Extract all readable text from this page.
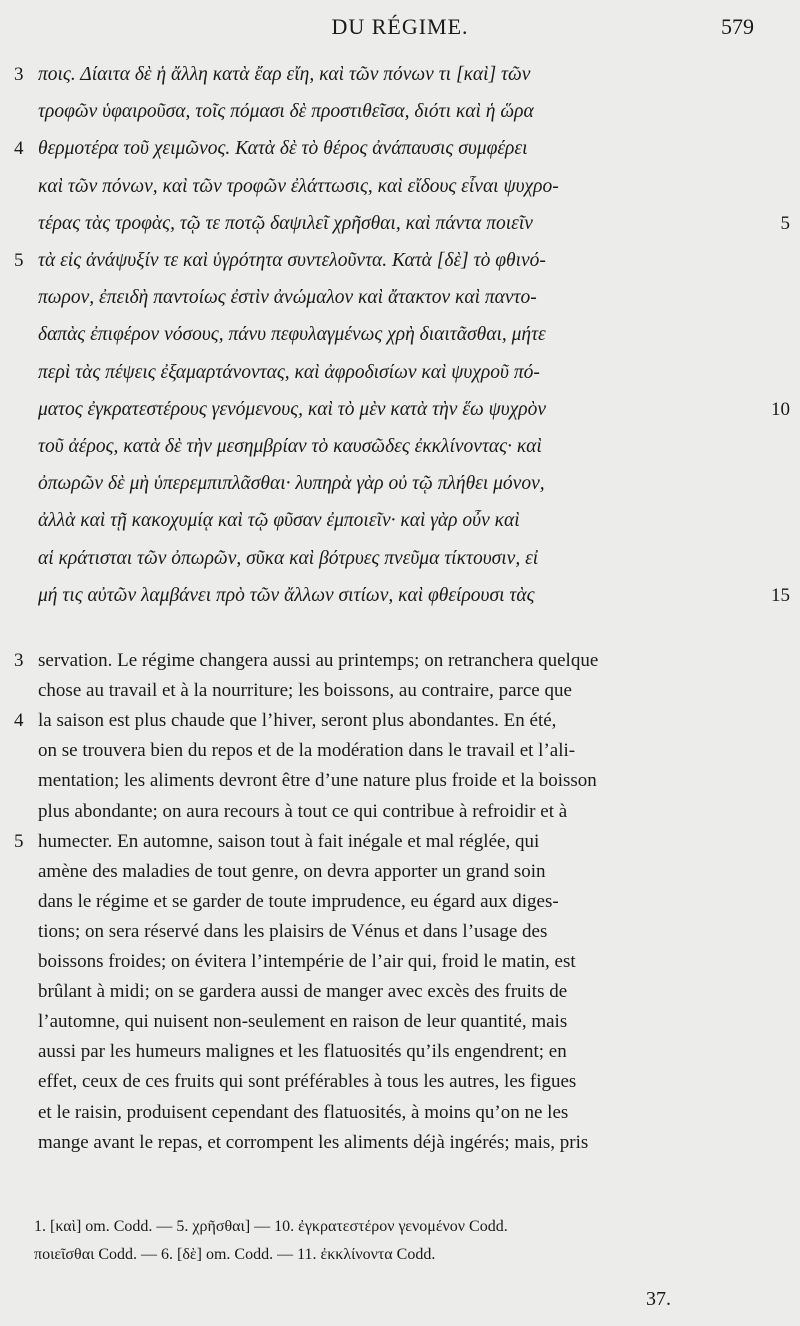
DU RÉGIME.	579
3 ποις. Δίαιτα δὲ ἡ ἄλλη κατὰ ἔαρ εἴη, καὶ τῶν πόνων τι [καὶ] τῶν
τροφῶν ὑφαιροῦσα, τοῖς πόμασι δὲ προστιθεῖσα, διότι καὶ ἡ ὥρα
4 θερμοτέρα τοῦ χειμῶνος. Κατὰ δὲ τὸ θέρος ἀνάπαυσις συμφέρει
καὶ τῶν πόνων, καὶ τῶν τροφῶν ἐλάττωσις, καὶ εἴδους εἶναι ψυχρο-
τέρας τὰς τροφὰς, τῷ τε ποτῷ δαψιλεῖ χρῆσθαι, καὶ πάντα ποιεῖν	5
5 τὰ εἰς ἀνάψυξίν τε καὶ ὑγρότητα συντελοῦντα. Κατὰ [δὲ] τὸ φθινό-
πωρον, ἐπειδὴ παντοίως ἐστὶν ἀνώμαλον καὶ ἄτακτον καὶ παντο-
δαπὰς ἐπιφέρον νόσους, πάνυ πεφυλαγμένως χρὴ διαιτᾶσθαι, μήτε
περὶ τὰς πέψεις ἐξαμαρτάνοντας, καὶ ἀφροδισίων καὶ ψυχροῦ πό-
ματος ἐγκρατεστέρους γενόμενους, καὶ τὸ μὲν κατὰ τὴν ἕω ψυχρὸν	10
τοῦ ἀέρος, κατὰ δὲ τὴν μεσημβρίαν τὸ καυσῶδες ἐκκλίνοντας· καὶ
ὀπωρῶν δὲ μὴ ὑπερεμπιπλᾶσθαι· λυπηρὰ γὰρ οὐ τῷ πλήθει μόνον,
ἀλλὰ καὶ τῇ κακοχυμίᾳ καὶ τῷ φῦσαν ἐμποιεῖν· καὶ γὰρ οὖν καὶ
αἱ κράτισται τῶν ὀπωρῶν, σῦκα καὶ βότρυες πνεῦμα τίκτουσιν, εἰ
μή τις αὐτῶν λαμβάνει πρὸ τῶν ἄλλων σιτίων, καὶ φθείρουσι τὰς	15
3 servation. Le régime changera aussi au printemps; on retranchera quelque
chose au travail et à la nourriture; les boissons, au contraire, parce que
4 la saison est plus chaude que l’hiver, seront plus abondantes. En été,
on se trouvera bien du repos et de la modération dans le travail et l’ali-
mentation; les aliments devront être d’une nature plus froide et la boisson
plus abondante; on aura recours à tout ce qui contribue à refroidir et à
5 humecter. En automne, saison tout à fait inégale et mal réglée, qui
amène des maladies de tout genre, on devra apporter un grand soin
dans le régime et se garder de toute imprudence, eu égard aux diges-
tions; on sera réservé dans les plaisirs de Vénus et dans l’usage des
boissons froides; on évitera l’intempérie de l’air qui, froid le matin, est
brûlant à midi; on se gardera aussi de manger avec excès des fruits de
l’automne, qui nuisent non-seulement en raison de leur quantité, mais
aussi par les humeurs malignes et les flatuosités qu’ils engendrent; en
effet, ceux de ces fruits qui sont préférables à tous les autres, les figues
et le raisin, produisent cependant des flatuosités, à moins qu’on ne les
mange avant le repas, et corrompent les aliments déjà ingérés; mais, pris
1. [καὶ] om. Codd. — 5. χρῆσθαι] — 10. ἐγκρατεστέρον γενομένον Codd.
ποιεῖσθαι Codd. — 6. [δὲ] om. Codd. — 11. ἐκκλίνοντα Codd.
37.
